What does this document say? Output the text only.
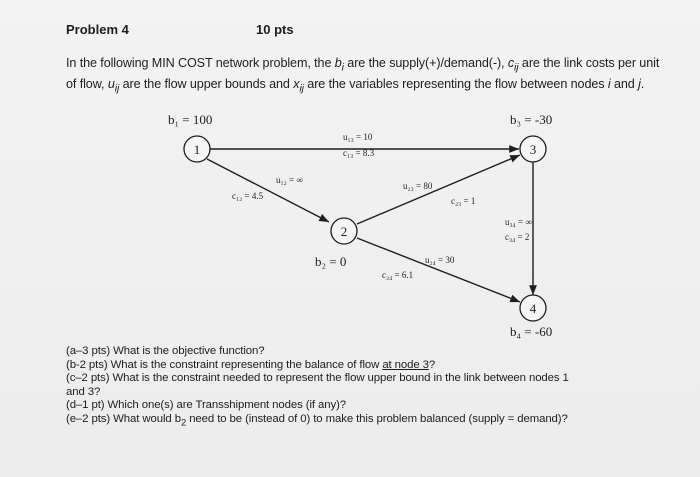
Problem 4	10 pts
In the following MIN COST network problem, the $b_i$ are the supply(+)/demand(-), $c_{ij}$ are the link costs per unit of flow, $u_{ij}$ are the flow upper bounds and $x_{ij}$ are the variables representing the flow between nodes i and j.
1
2
3
4
b₁ = 100	b₃ = -30
b₂ = 0
b₄ = -60
u₁₃ = 10
c₁₃ = 8.3
u₁₂ = ∞
c₁₂ = 4.5
u₂₃ = 80
c₂₃ = 1
u₃₄ = ∞
c₃₄ = 2
u₂₄ = 30
c₂₄ = 6.1
(a–3 pts) What is the objective function?
(b-2 pts) What is the constraint representing the balance of flow at node 3?
(c–2 pts) What is the constraint needed to represent the flow upper bound in the link between nodes 1
and 3?
(d–1 pt) Which one(s) are Transshipment nodes (if any)?
(e–2 pts) What would $b_2$ need to be (instead of 0) to make this problem balanced (supply = demand)?
